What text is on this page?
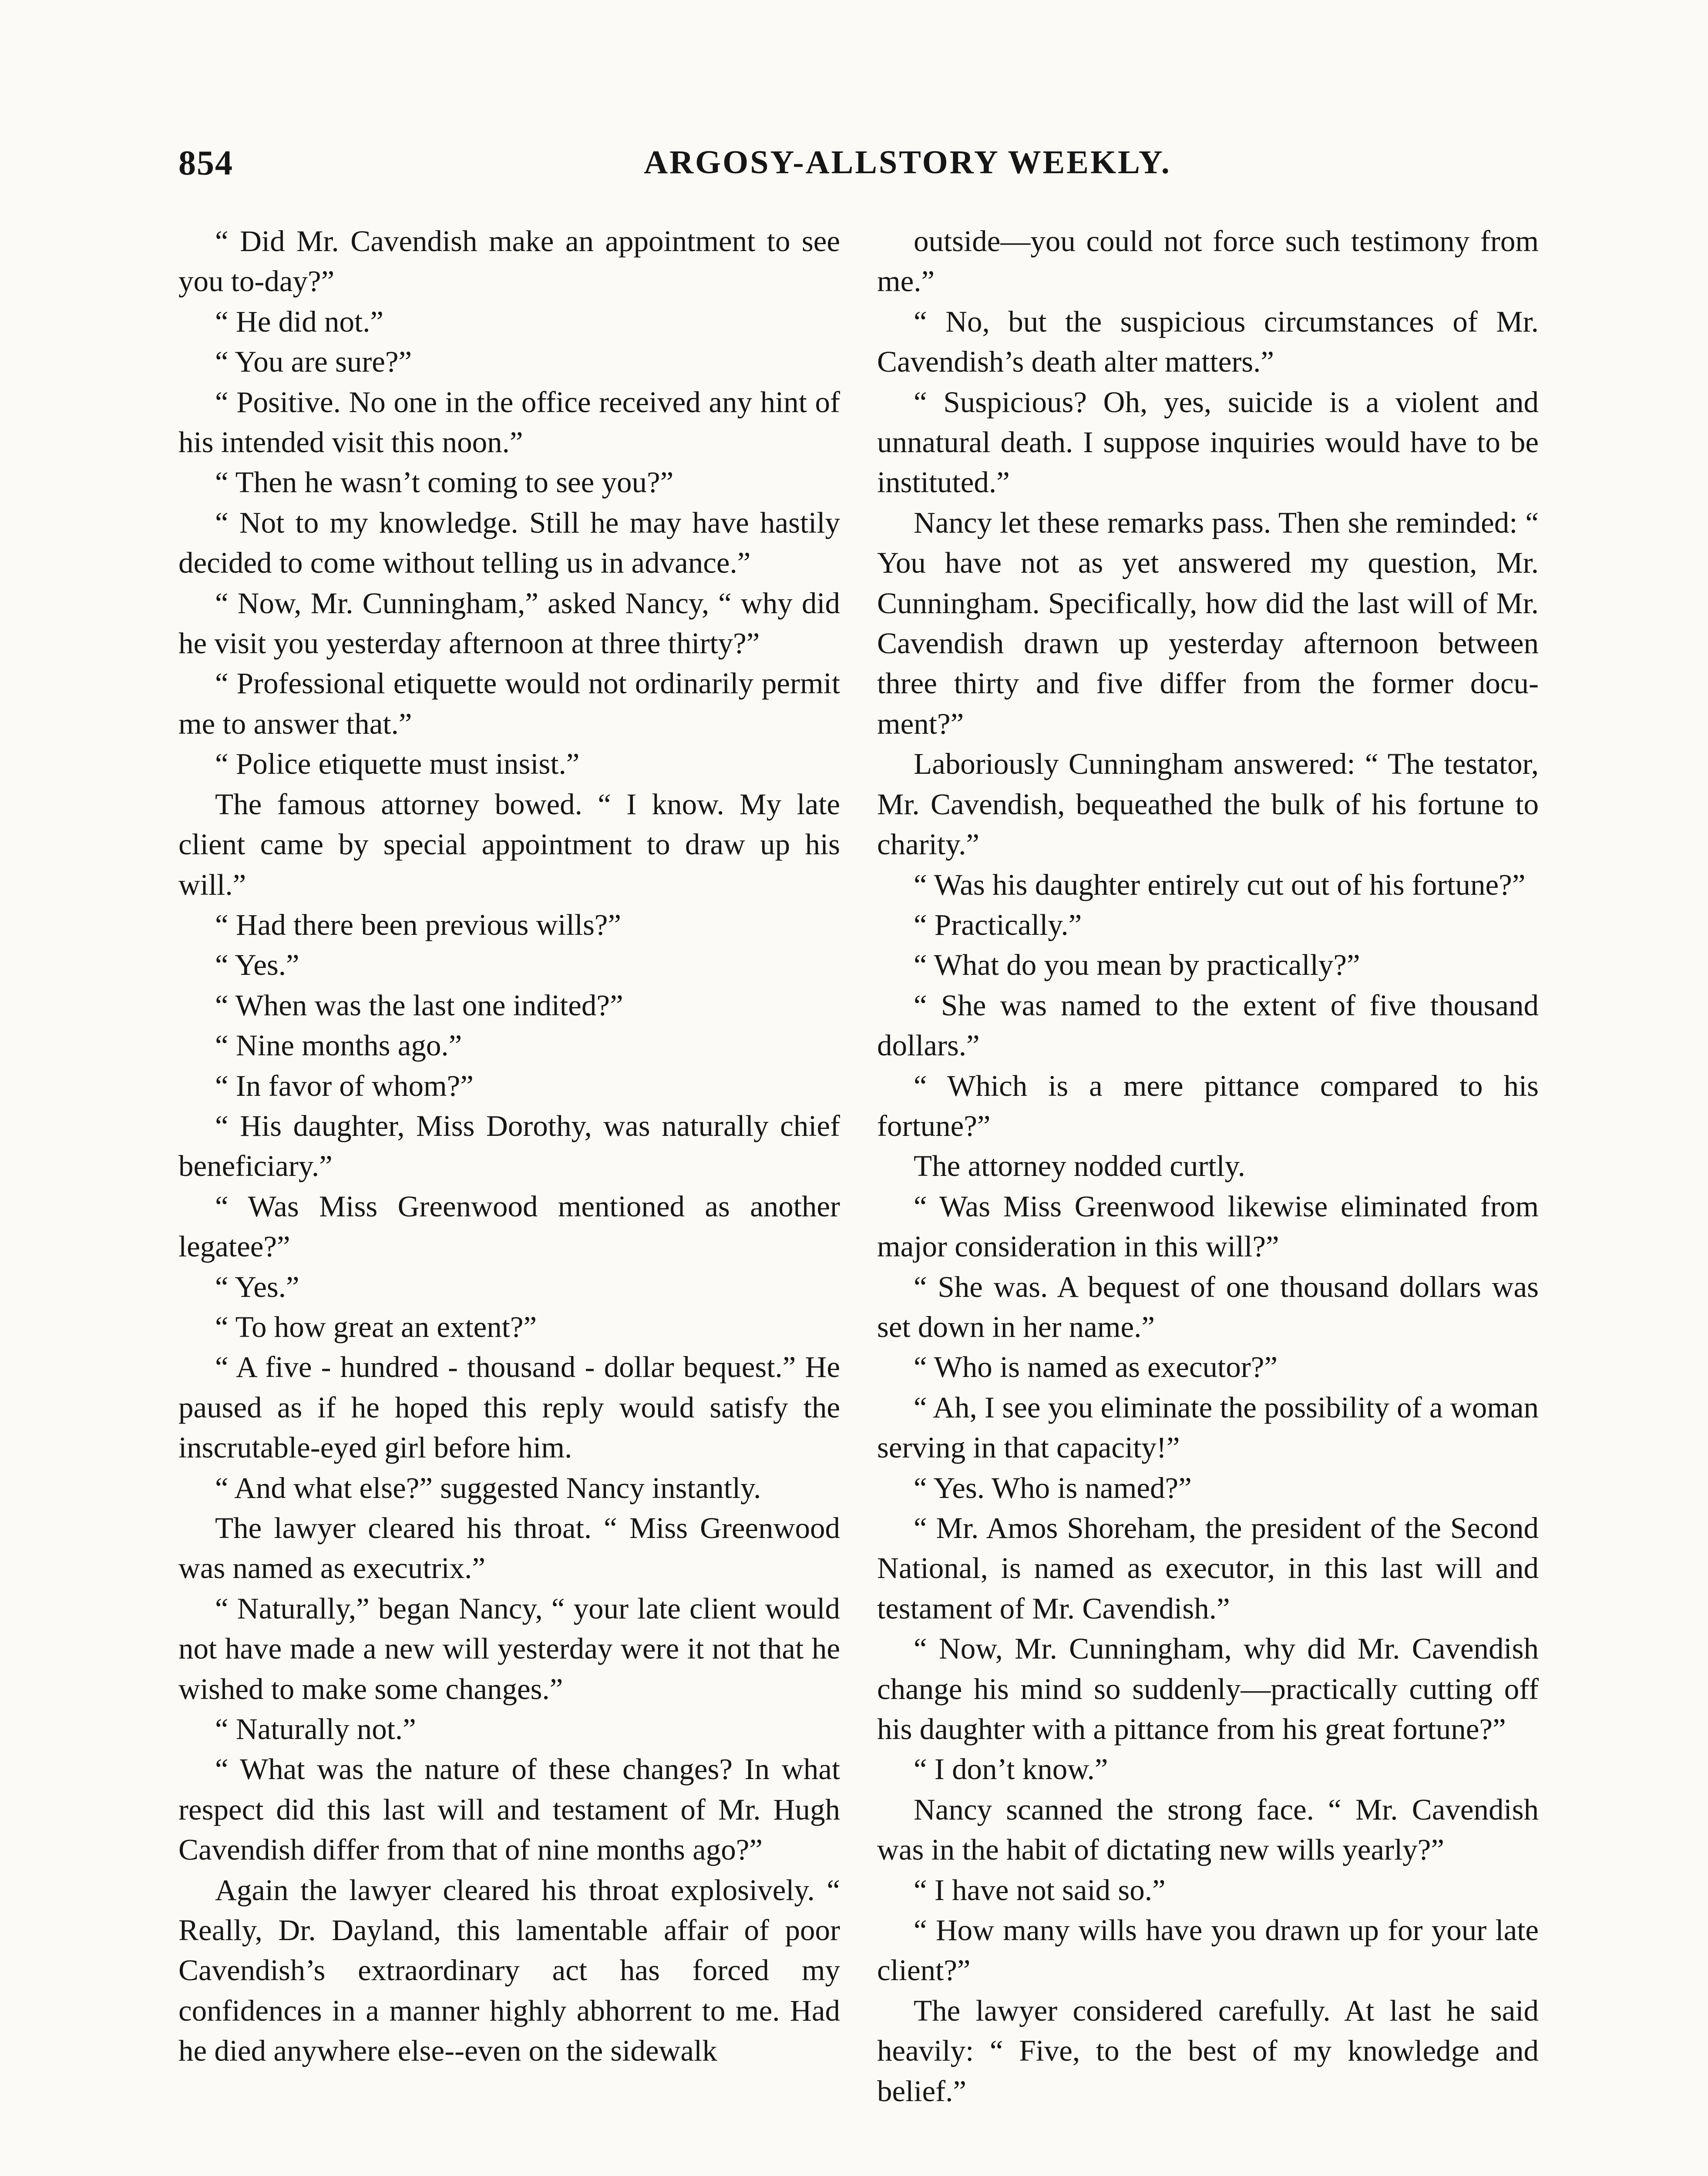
854	ARGOSY-ALLSTORY WEEKLY.

“ Did Mr. Cavendish make an appointment to see you to-day?”

“ He did not.”

“ You are sure?”

“ Positive. No one in the office received any hint of his intended visit this noon.”

“ Then he wasn’t coming to see you?”

“ Not to my knowledge. Still he may have hastily decided to come without telling us in advance.”

“ Now, Mr. Cunningham,” asked Nancy, “ why did he visit you yesterday afternoon at three thirty?”

“ Professional etiquette would not ordinarily permit me to answer that.”

“ Police etiquette must insist.”

The famous attorney bowed. “ I know. My late client came by special appointment to draw up his will.”

“ Had there been previous wills?”

“ Yes.”

“ When was the last one indited?”

“ Nine months ago.”

“ In favor of whom?”

“ His daughter, Miss Dorothy, was naturally chief beneficiary.”

“ Was Miss Greenwood mentioned as another legatee?”

“ Yes.”

“ To how great an extent?”

“ A five - hundred - thousand - dollar bequest.” He paused as if he hoped this reply would satisfy the inscrutable-eyed girl before him.

“ And what else?” suggested Nancy instantly.

The lawyer cleared his throat. “ Miss Greenwood was named as executrix.”

“ Naturally,” began Nancy, “ your late client would not have made a new will yesterday were it not that he wished to make some changes.”

“ Naturally not.”

“ What was the nature of these changes? In what respect did this last will and testament of Mr. Hugh Cavendish differ from that of nine months ago?”

Again the lawyer cleared his throat explosively. “ Really, Dr. Dayland, this lamentable affair of poor Cavendish’s extraordinary act has forced my confidences in a manner highly abhorrent to me. Had he died anywhere else--even on the sidewalk

outside—you could not force such testimony from me.”

“ No, but the suspicious circumstances of Mr. Cavendish’s death alter matters.”

“ Suspicious? Oh, yes, suicide is a violent and unnatural death. I suppose inquiries would have to be instituted.”

Nancy let these remarks pass. Then she reminded: “ You have not as yet answered my question, Mr. Cunningham. Specifically, how did the last will of Mr. Cavendish drawn up yesterday afternoon between three thirty and five differ from the former document?”

Laboriously Cunningham answered: “ The testator, Mr. Cavendish, bequeathed the bulk of his fortune to charity.”

“ Was his daughter entirely cut out of his fortune?”

“ Practically.”

“ What do you mean by practically?”

“ She was named to the extent of five thousand dollars.”

“ Which is a mere pittance compared to his fortune?”

The attorney nodded curtly.

“ Was Miss Greenwood likewise eliminated from major consideration in this will?”

“ She was. A bequest of one thousand dollars was set down in her name.”

“ Who is named as executor?”

“ Ah, I see you eliminate the possibility of a woman serving in that capacity!”

“ Yes. Who is named?”

“ Mr. Amos Shoreham, the president of the Second National, is named as executor, in this last will and testament of Mr. Cavendish.”

“ Now, Mr. Cunningham, why did Mr. Cavendish change his mind so suddenly—practically cutting off his daughter with a pittance from his great fortune?”

“ I don’t know.”

Nancy scanned the strong face. “ Mr. Cavendish was in the habit of dictating new wills yearly?”

“ I have not said so.”

“ How many wills have you drawn up for your late client?”

The lawyer considered carefully. At last he said heavily: “ Five, to the best of my knowledge and belief.”
